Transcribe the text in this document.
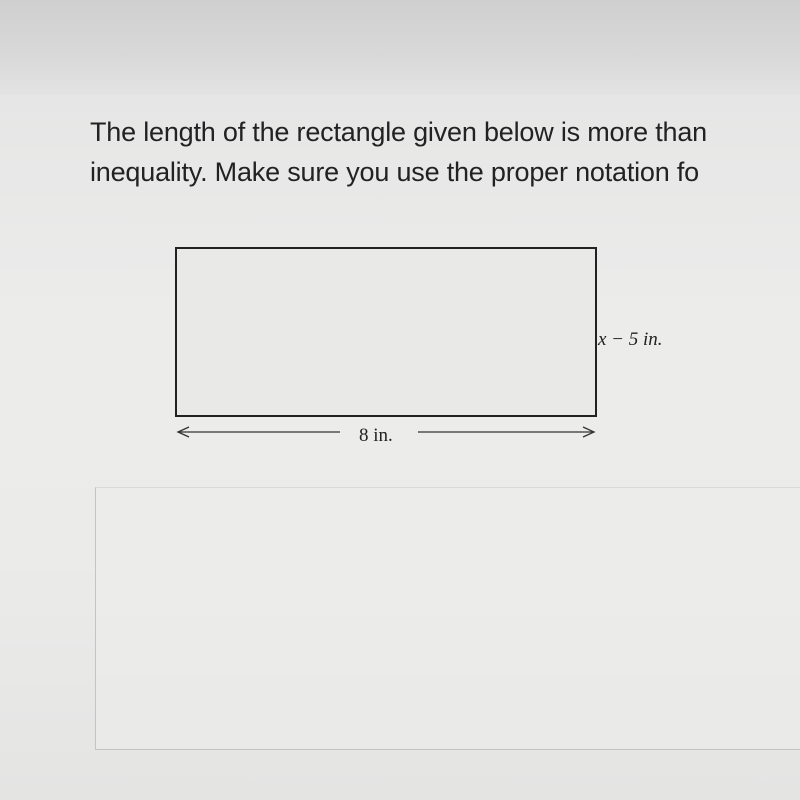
The length of the rectangle given below is more than
inequality. Make sure you use the proper notation fo
x − 5 in.
8 in.
